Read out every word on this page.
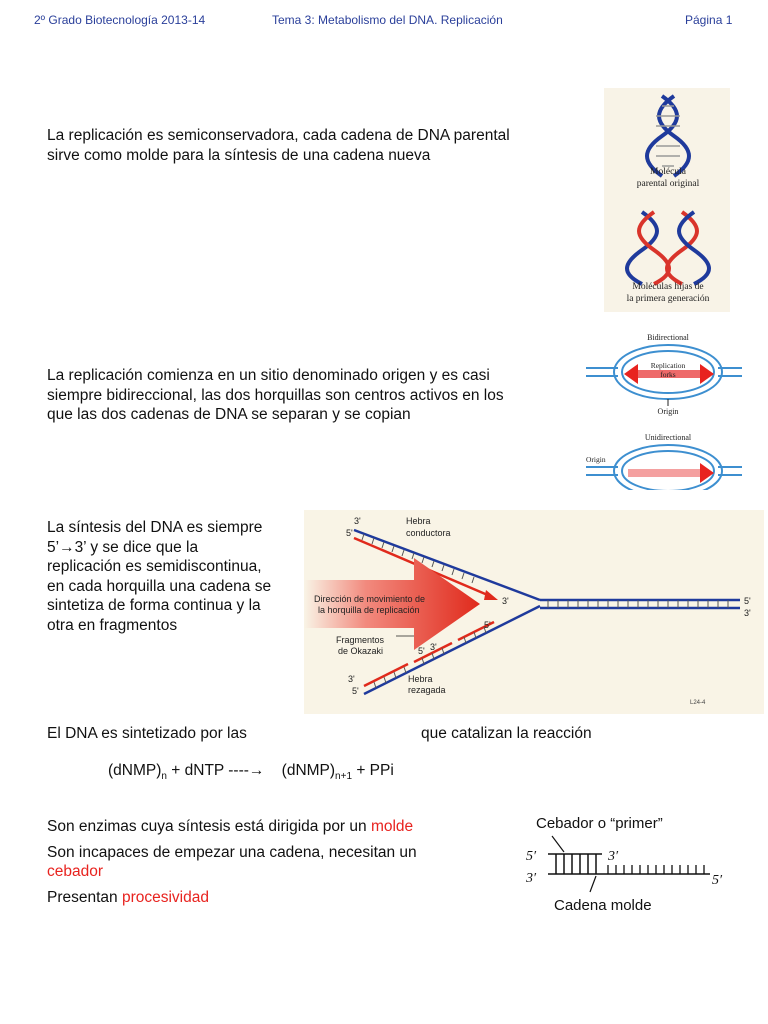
2º Grado Biotecnología 2013-14	Tema 3: Metabolismo del DNA. Replicación	Página 1
La replicación es semiconservadora, cada cadena de DNA parental
sirve como molde para la síntesis de una cadena nueva
Molécula
parental original
Moléculas hijas de
la primera generación
La replicación comienza en un sitio denominado origen y es casi
siempre bidireccional, las dos horquillas son centros activos en los
que las dos cadenas de DNA se separan y se copian
Bidirectional
Replication
forks
Origin
Unidirectional
Origin
La síntesis del DNA es siempre
5’→3’ y se dice que la
replicación es semidiscontinua,
en cada horquilla una cadena se
sintetiza de forma continua y la
otra en fragmentos
3'
5'
Hebra
conductora
3'	5'
3'
Dirección de movimiento de
la horquilla de replicación
5'
3'
5'
Fragmentos
de Okazaki
3'
5'
Hebra
rezagada
L24-4
El DNA es sintetizado por las	que catalizan la reacción
$(dNMP)_n$ + dNTP ----→ $(dNMP)_{n+1}$ + PPi
Son enzimas cuya síntesis está dirigida por un molde
Son incapaces de empezar una cadena, necesitan un
cebador
Presentan procesividad
Cebador o “primer”
5′	3′
3′	5′
Cadena molde
